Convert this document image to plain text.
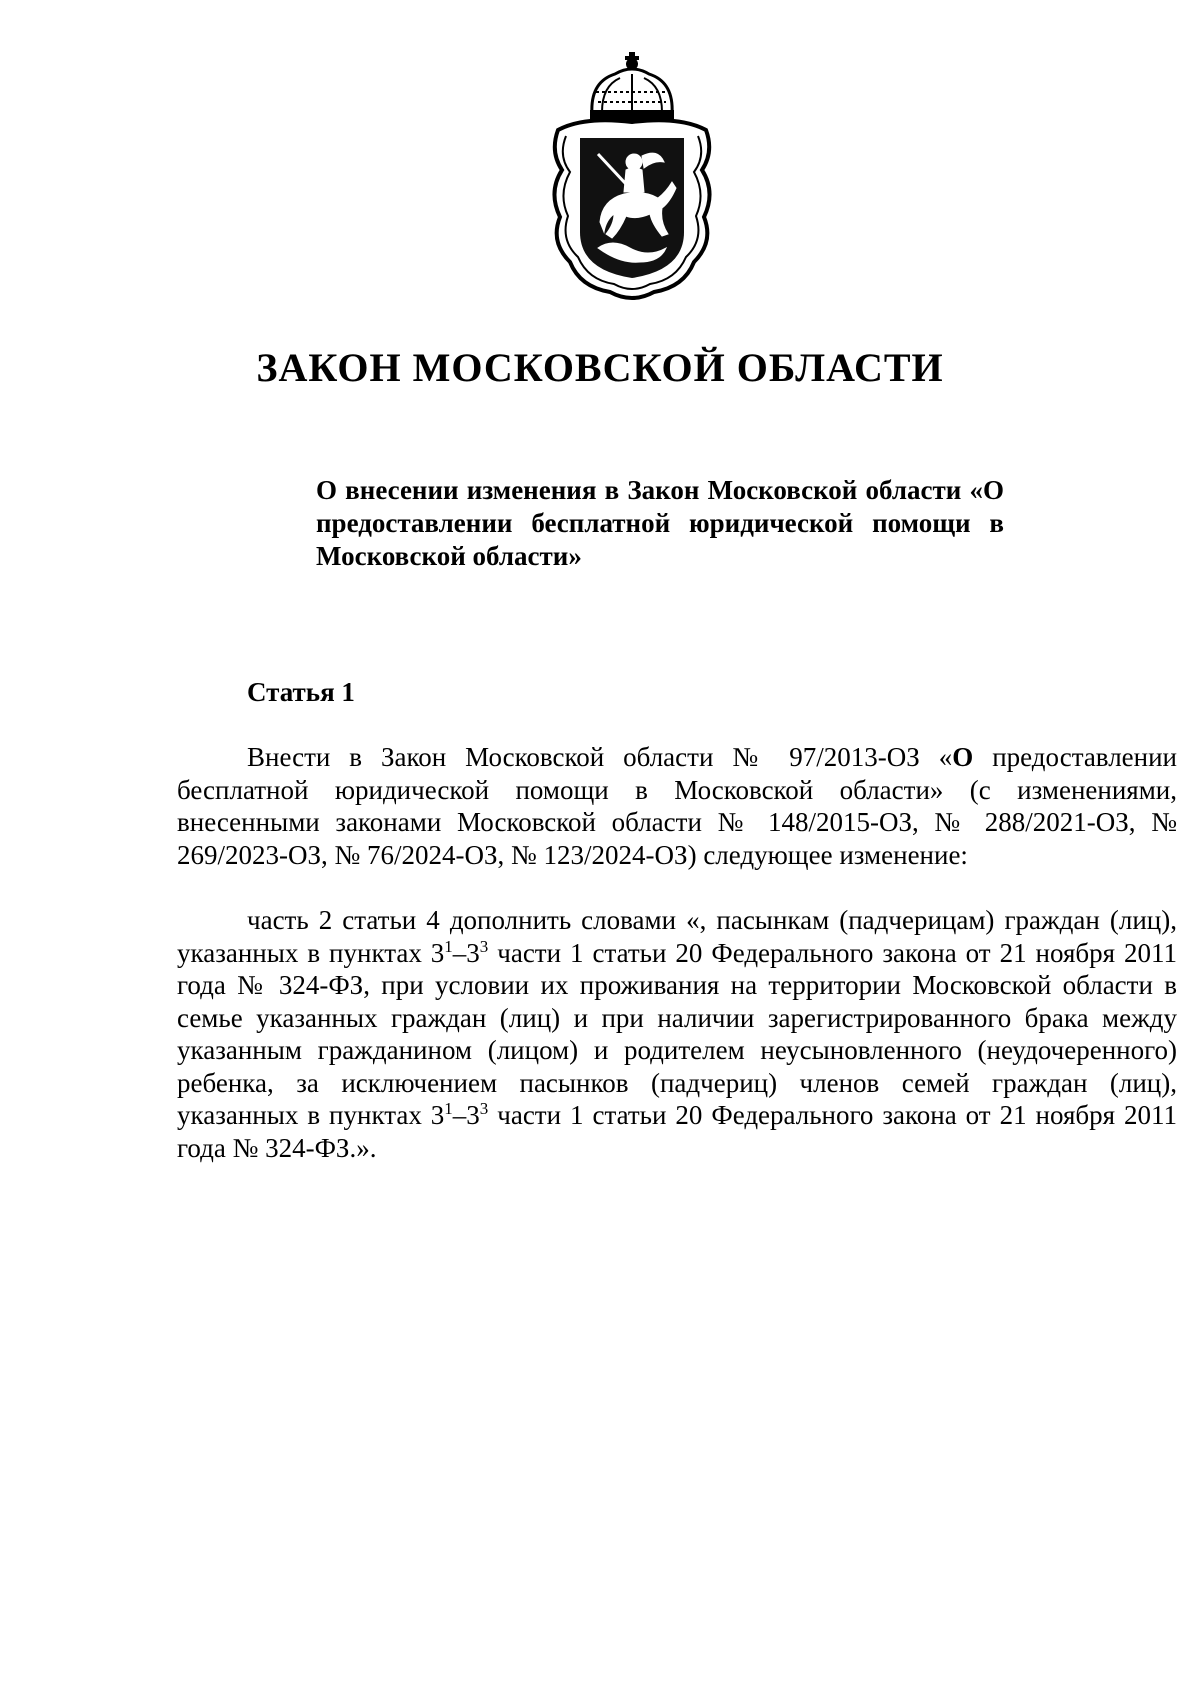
ЗАКОН МОСКОВСКОЙ ОБЛАСТИ

О внесении изменения в Закон Московской области «О предоставлении бесплатной юридической помощи в Московской области»

Статья 1

Внести в Закон Московской области № 97/2013-ОЗ «О предоставлении бесплатной юридической помощи в Московской области» (с изменениями, внесенными законами Московской области № 148/2015-ОЗ, № 288/2021-ОЗ, № 269/2023-ОЗ, № 76/2024-ОЗ, № 123/2024-ОЗ) следующее изменение:

часть 2 статьи 4 дополнить словами «, пасынкам (падчерицам) граждан (лиц), указанных в пунктах $3^1-3^3$ части 1 статьи 20 Федерального закона от 21 ноября 2011 года № 324-ФЗ, при условии их проживания на территории Московской области в семье указанных граждан (лиц) и при наличии зарегистрированного брака между указанным гражданином (лицом) и родителем неусыновленного (неудочеренного) ребенка, за исключением пасынков (падчериц) членов семей граждан (лиц), указанных в пунктах $3^1-3^3$ части 1 статьи 20 Федерального закона от 21 ноября 2011 года № 324-ФЗ.».
